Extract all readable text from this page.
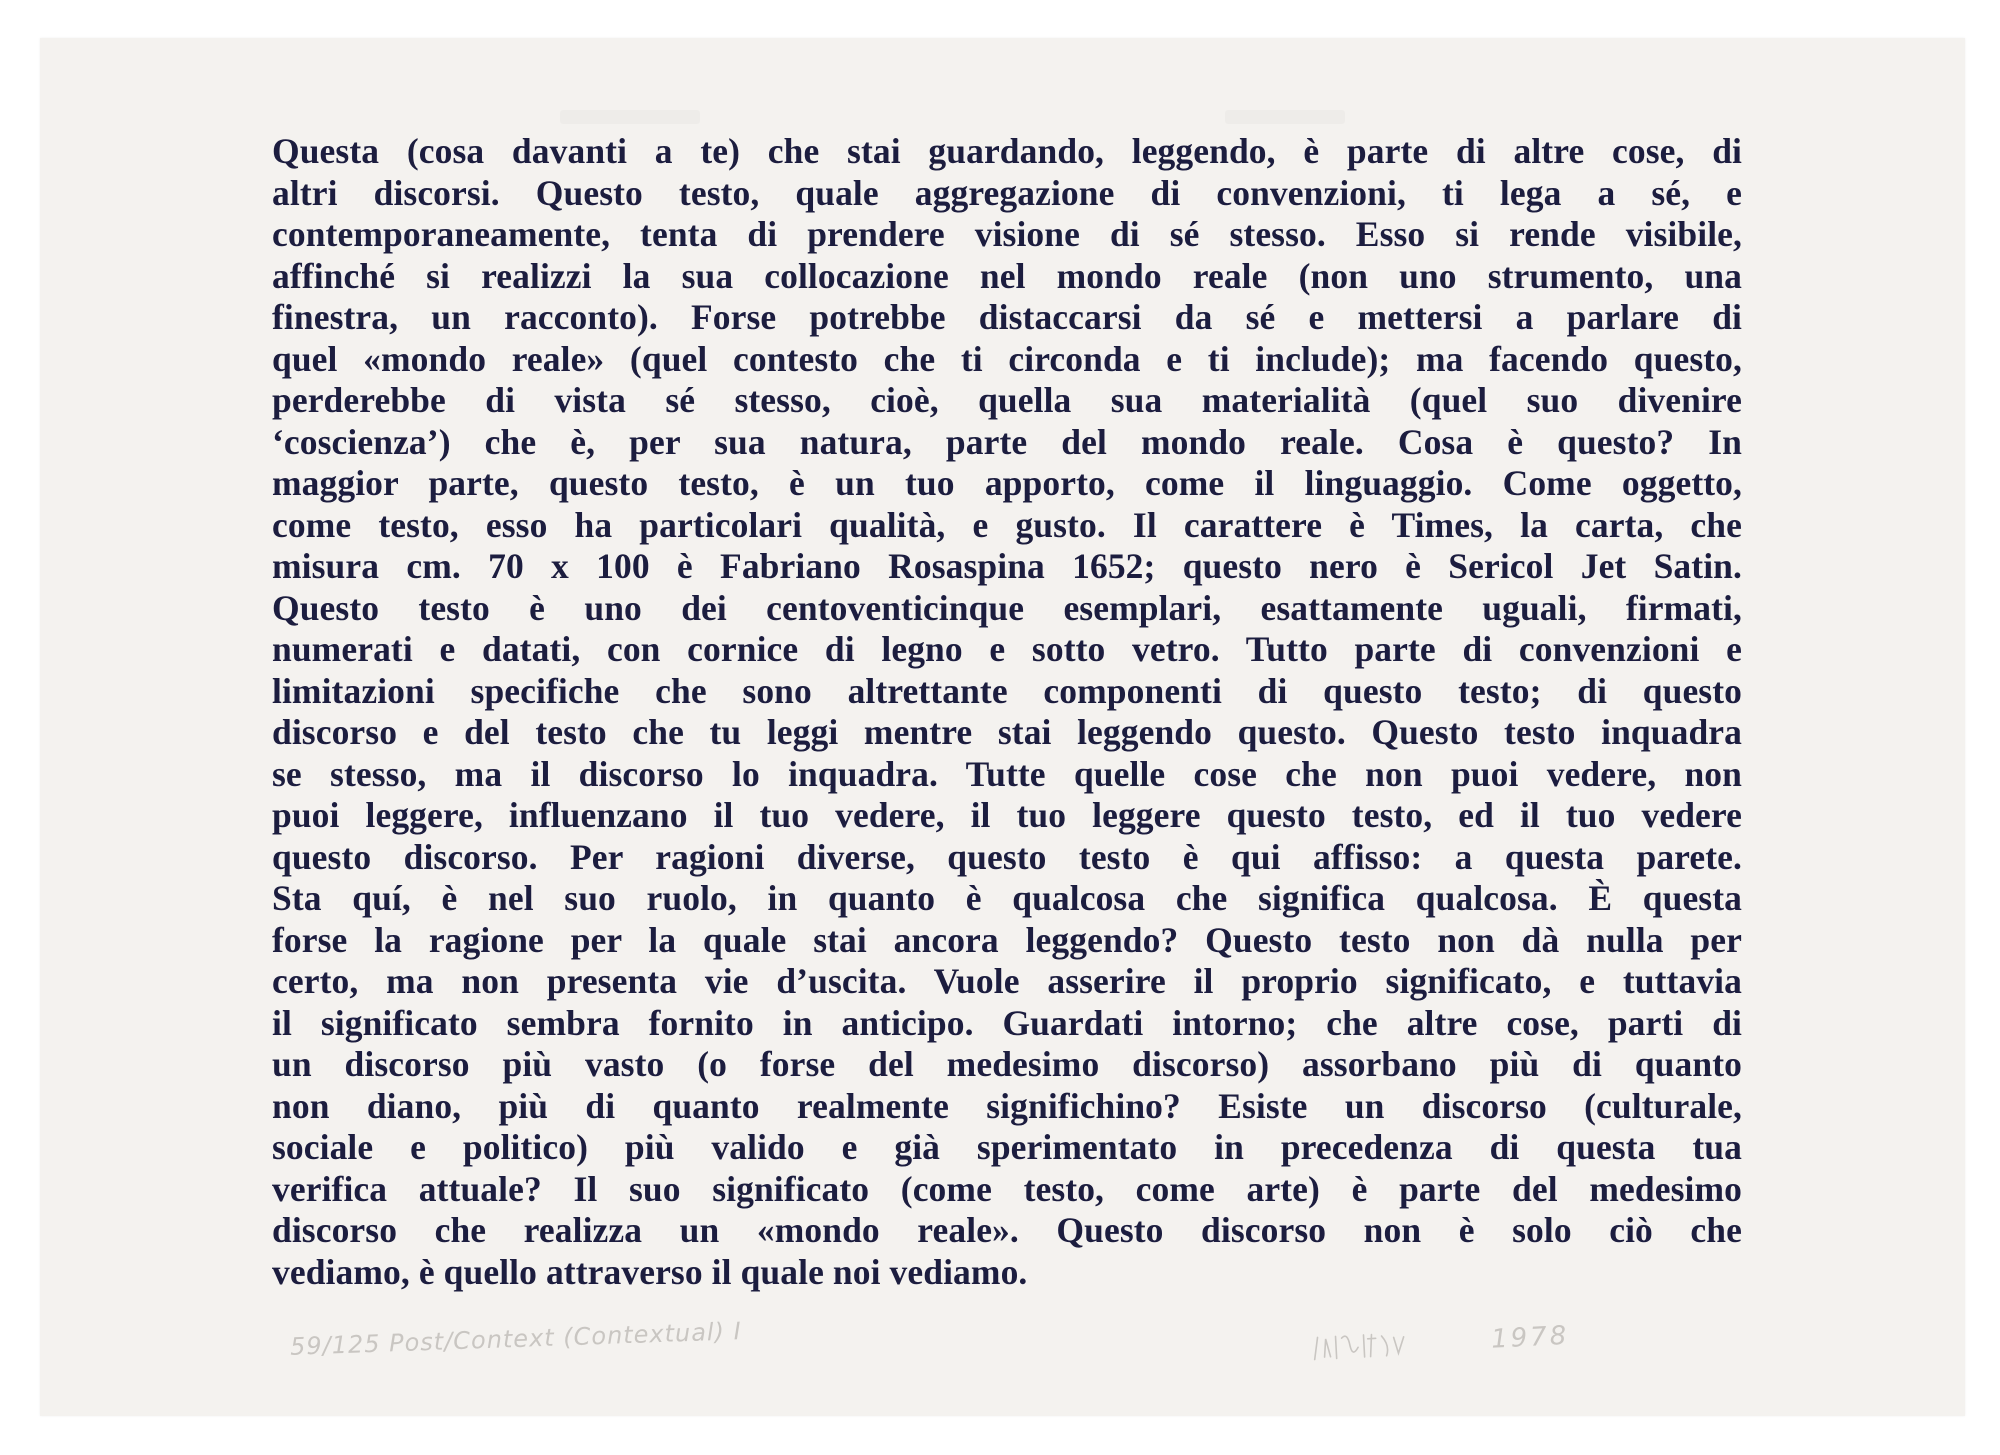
Questa (cosa davanti a te) che stai guardando, leggendo, è parte di altre cose, di
altri discorsi. Questo testo, quale aggregazione di convenzioni, ti lega a sé, e
contemporaneamente, tenta di prendere visione di sé stesso. Esso si rende visibile,
affinché si realizzi la sua collocazione nel mondo reale (non uno strumento, una
finestra, un racconto). Forse potrebbe distaccarsi da sé e mettersi a parlare di
quel «mondo reale» (quel contesto che ti circonda e ti include); ma facendo questo,
perderebbe di vista sé stesso, cioè, quella sua materialità (quel suo divenire
‘coscienza’) che è, per sua natura, parte del mondo reale. Cosa è questo? In
maggior parte, questo testo, è un tuo apporto, come il linguaggio. Come oggetto,
come testo, esso ha particolari qualità, e gusto. Il carattere è Times, la carta, che
misura cm. 70 x 100 è Fabriano Rosaspina 1652; questo nero è Sericol Jet Satin.
Questo testo è uno dei centoventicinque esemplari, esattamente uguali, firmati,
numerati e datati, con cornice di legno e sotto vetro. Tutto parte di convenzioni e
limitazioni specifiche che sono altrettante componenti di questo testo; di questo
discorso e del testo che tu leggi mentre stai leggendo questo. Questo testo inquadra
se stesso, ma il discorso lo inquadra. Tutte quelle cose che non puoi vedere, non
puoi leggere, influenzano il tuo vedere, il tuo leggere questo testo, ed il tuo vedere
questo discorso. Per ragioni diverse, questo testo è qui affisso: a questa parete.
Sta quí, è nel suo ruolo, in quanto è qualcosa che significa qualcosa. È questa
forse la ragione per la quale stai ancora leggendo? Questo testo non dà nulla per
certo, ma non presenta vie d’uscita. Vuole asserire il proprio significato, e tuttavia
il significato sembra fornito in anticipo. Guardati intorno; che altre cose, parti di
un discorso più vasto (o forse del medesimo discorso) assorbano più di quanto
non diano, più di quanto realmente significhino? Esiste un discorso (culturale,
sociale e politico) più valido e già sperimentato in precedenza di questa tua
verifica attuale? Il suo significato (come testo, come arte) è parte del medesimo
discorso che realizza un «mondo reale». Questo discorso non è solo ciò che
vediamo, è quello attraverso il quale noi vediamo.
59/125 Post/Context (Contextual) I	1978
